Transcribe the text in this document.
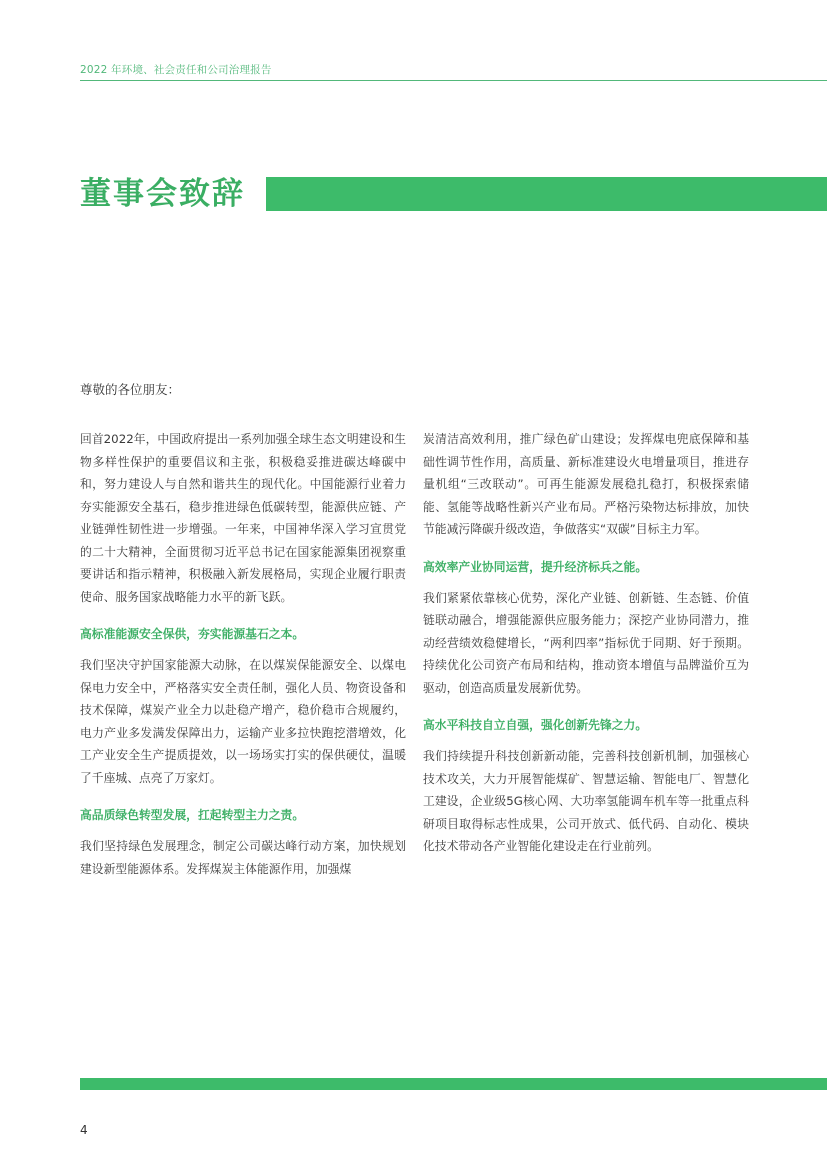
2022 年环境、社会责任和公司治理报告
董事会致辞
尊敬的各位朋友：

回首2022年，中国政府提出一系列加强全球生态文明建设和生物多样性保护的重要倡议和主张，积极稳妥推进碳达峰碳中和，努力建设人与自然和谐共生的现代化。中国能源行业着力夯实能源安全基石，稳步推进绿色低碳转型，能源供应链、产业链弹性韧性进一步增强。一年来，中国神华深入学习宣贯党的二十大精神，全面贯彻习近平总书记在国家能源集团视察重要讲话和指示精神，积极融入新发展格局，实现企业履行职责使命、服务国家战略能力水平的新飞跃。

高标准能源安全保供，夯实能源基石之本。

我们坚决守护国家能源大动脉，在以煤炭保能源安全、以煤电保电力安全中，严格落实安全责任制，强化人员、物资设备和技术保障，煤炭产业全力以赴稳产增产，稳价稳市合规履约，电力产业多发满发保障出力，运输产业多拉快跑挖潜增效，化工产业安全生产提质提效，以一场场实打实的保供硬仗，温暖了千座城、点亮了万家灯。

高品质绿色转型发展，扛起转型主力之责。

我们坚持绿色发展理念，制定公司碳达峰行动方案，加快规划建设新型能源体系。发挥煤炭主体能源作用，加强煤

炭清洁高效利用，推广绿色矿山建设；发挥煤电兜底保障和基础性调节性作用，高质量、新标准建设火电增量项目，推进存量机组“三改联动”。可再生能源发展稳扎稳打，积极探索储能、氢能等战略性新兴产业布局。严格污染物达标排放，加快节能减污降碳升级改造，争做落实“双碳”目标主力军。

高效率产业协同运营，提升经济标兵之能。

我们紧紧依靠核心优势，深化产业链、创新链、生态链、价值链联动融合，增强能源供应服务能力；深挖产业协同潜力，推动经营绩效稳健增长，“两利四率”指标优于同期、好于预期。持续优化公司资产布局和结构，推动资本增值与品牌溢价互为驱动，创造高质量发展新优势。

高水平科技自立自强，强化创新先锋之力。

我们持续提升科技创新新动能，完善科技创新机制，加强核心技术攻关，大力开展智能煤矿、智慧运输、智能电厂、智慧化工建设，企业级5G核心网、大功率氢能调车机车等一批重点科研项目取得标志性成果，公司开放式、低代码、自动化、模块化技术带动各产业智能化建设走在行业前列。

4
